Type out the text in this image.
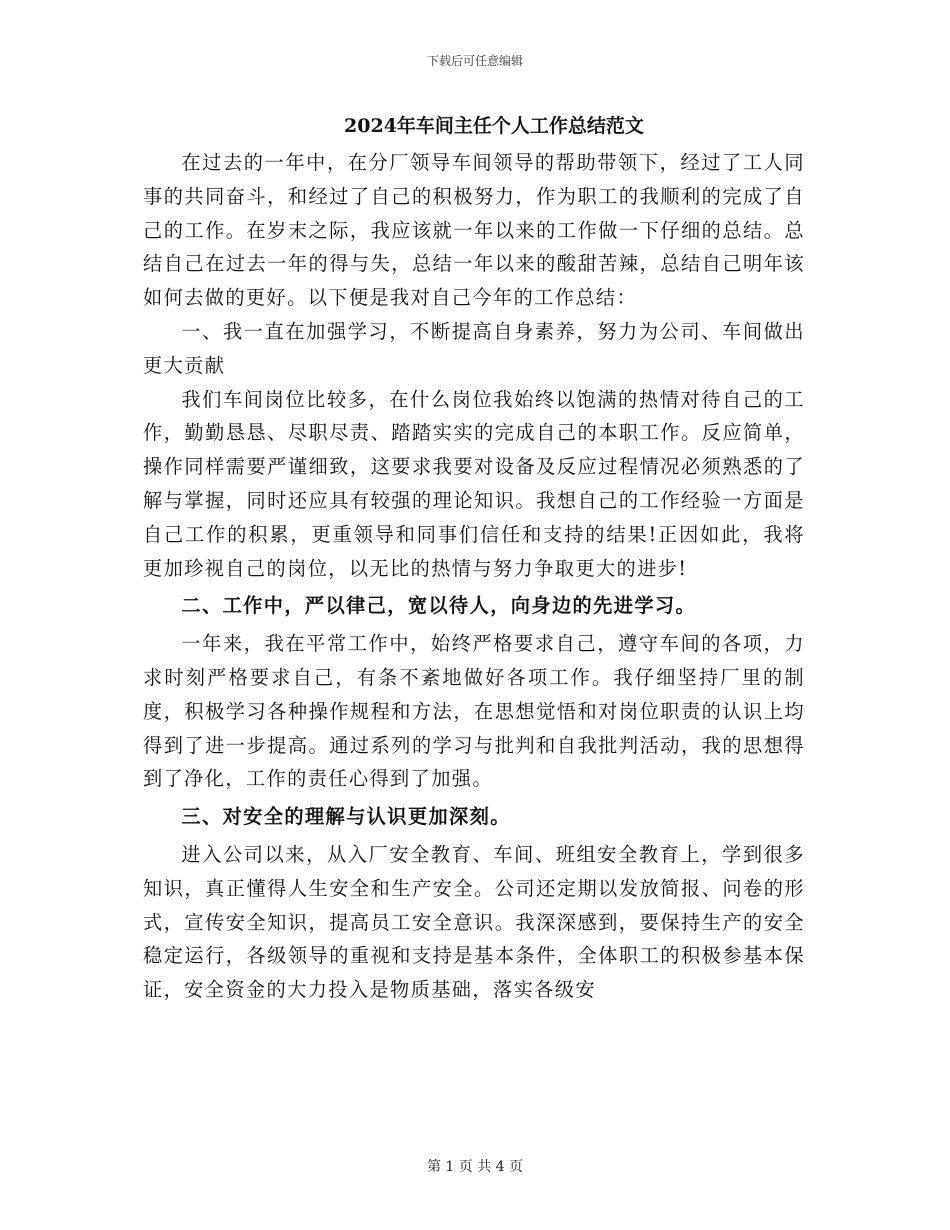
下载后可任意编辑
2024年车间主任个人工作总结范文

在过去的一年中，在分厂领导车间领导的帮助带领下，经过了工人同事的共同奋斗，和经过了自己的积极努力，作为职工的我顺利的完成了自己的工作。在岁末之际，我应该就一年以来的工作做一下仔细的总结。总结自己在过去一年的得与失，总结一年以来的酸甜苦辣，总结自己明年该如何去做的更好。以下便是我对自己今年的工作总结：

一、我一直在加强学习，不断提高自身素养，努力为公司、车间做出更大贡献

我们车间岗位比较多，在什么岗位我始终以饱满的热情对待自己的工作，勤勤恳恳、尽职尽责、踏踏实实的完成自己的本职工作。反应简单，操作同样需要严谨细致，这要求我要对设备及反应过程情况必须熟悉的了解与掌握，同时还应具有较强的理论知识。我想自己的工作经验一方面是自己工作的积累，更重领导和同事们信任和支持的结果!正因如此，我将更加珍视自己的岗位，以无比的热情与努力争取更大的进步!

二、工作中，严以律己，宽以待人，向身边的先进学习。

一年来，我在平常工作中，始终严格要求自己，遵守车间的各项，力求时刻严格要求自己，有条不紊地做好各项工作。我仔细坚持厂里的制度，积极学习各种操作规程和方法，在思想觉悟和对岗位职责的认识上均得到了进一步提高。通过系列的学习与批判和自我批判活动，我的思想得到了净化，工作的责任心得到了加强。

三、对安全的理解与认识更加深刻。

进入公司以来，从入厂安全教育、车间、班组安全教育上，学到很多知识，真正懂得人生安全和生产安全。公司还定期以发放简报、问卷的形式，宣传安全知识，提高员工安全意识。我深深感到，要保持生产的安全稳定运行，各级领导的重视和支持是基本条件，全体职工的积极参基本保证，安全资金的大力投入是物质基础，落实各级安

第 1 页 共 4 页
